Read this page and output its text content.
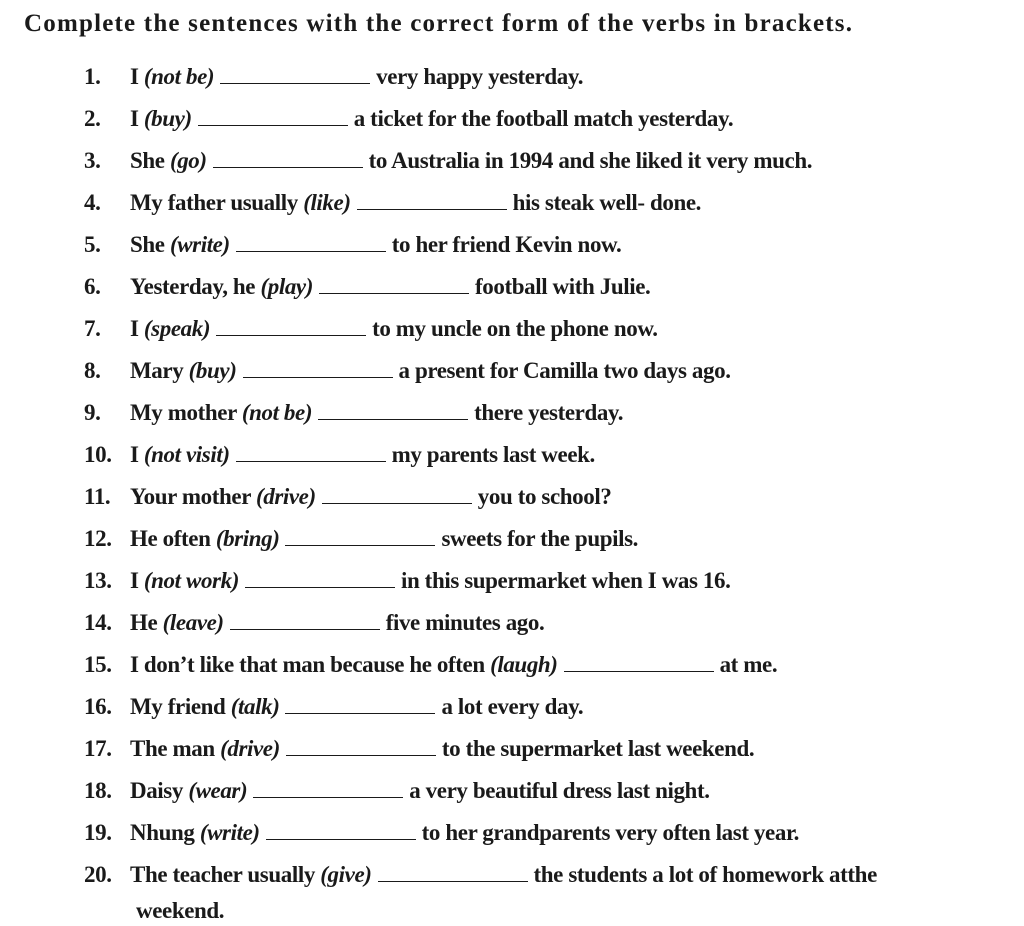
Complete the sentences with the correct form of the verbs in brackets.
1.	I (not be)	very happy yesterday.
2.	I (buy)	a ticket for the football match yesterday.
3.	She (go)	to Australia in 1994 and she liked it very much.
4.	My father usually (like)	his steak well- done.
5.	She (write)	to her friend Kevin now.
6.	Yesterday, he (play)	football with Julie.
7.	I (speak)	to my uncle on the phone now.
8.	Mary (buy)	a present for Camilla two days ago.
9.	My mother (not be)	there yesterday.
10. I (not visit)	my parents last week.
11. Your mother (drive)	you to school?
12. He often (bring)	sweets for the pupils.
13. I (not work)	in this supermarket when I was 16.
14. He (leave)	five minutes ago.
15. I don’t like that man because he often (laugh)	at me.
16. My friend (talk)	a lot every day.
17. The man (drive)	to the supermarket last weekend.
18. Daisy (wear)	a very beautiful dress last night.
19. Nhung (write)	to her grandparents very often last year.
20. The teacher usually (give)	the students a lot of homework atthe
weekend.
